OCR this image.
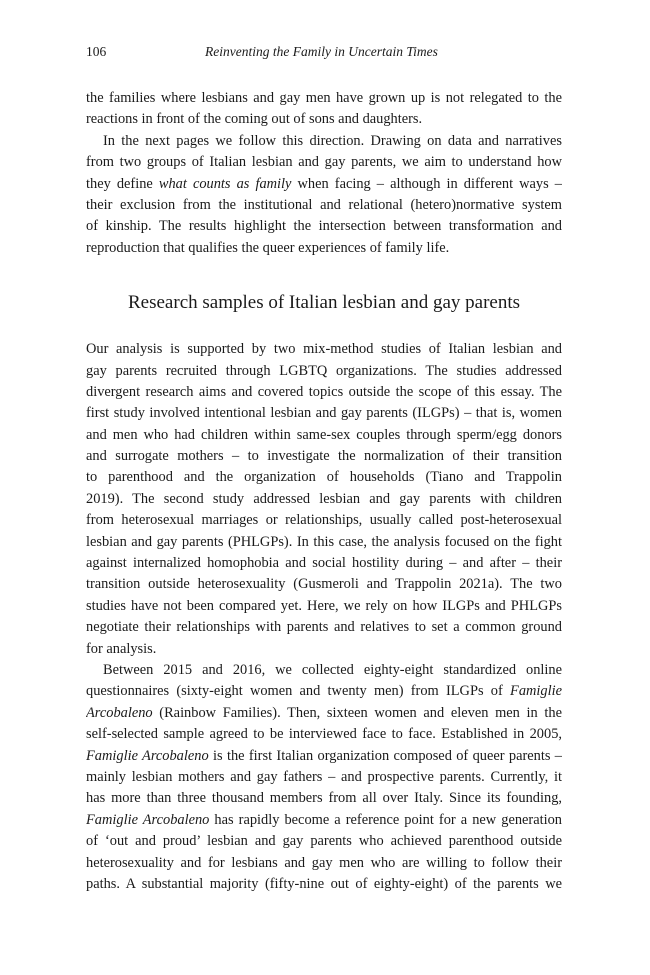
106	Reinventing the Family in Uncertain Times
the families where lesbians and gay men have grown up is not relegated to the
reactions in front of the coming out of sons and daughters.
In the next pages we follow this direction. Drawing on data and narratives
from two groups of Italian lesbian and gay parents, we aim to understand how
they define what counts as family when facing – although in different ways –
their exclusion from the institutional and relational (hetero)normative system
of kinship. The results highlight the intersection between transformation and
reproduction that qualifies the queer experiences of family life.
Research samples of Italian lesbian and gay parents
Our analysis is supported by two mix-method studies of Italian lesbian and
gay parents recruited through LGBTQ organizations. The studies addressed
divergent research aims and covered topics outside the scope of this essay. The
first study involved intentional lesbian and gay parents (ILGPs) – that is, women
and men who had children within same-sex couples through sperm/egg donors
and surrogate mothers – to investigate the normalization of their transition
to parenthood and the organization of households (Tiano and Trappolin
2019). The second study addressed lesbian and gay parents with children
from heterosexual marriages or relationships, usually called post-heterosexual
lesbian and gay parents (PHLGPs). In this case, the analysis focused on the fight
against internalized homophobia and social hostility during – and after – their
transition outside heterosexuality (Gusmeroli and Trappolin 2021a). The two
studies have not been compared yet. Here, we rely on how ILGPs and PHLGPs
negotiate their relationships with parents and relatives to set a common ground
for analysis.
Between 2015 and 2016, we collected eighty-eight standardized online
questionnaires (sixty-eight women and twenty men) from ILGPs of Famiglie
Arcobaleno (Rainbow Families). Then, sixteen women and eleven men in the
self-selected sample agreed to be interviewed face to face. Established in 2005,
Famiglie Arcobaleno is the first Italian organization composed of queer parents –
mainly lesbian mothers and gay fathers – and prospective parents. Currently, it
has more than three thousand members from all over Italy. Since its founding,
Famiglie Arcobaleno has rapidly become a reference point for a new generation
of ‘out and proud’ lesbian and gay parents who achieved parenthood outside
heterosexuality and for lesbians and gay men who are willing to follow their
paths. A substantial majority (fifty-nine out of eighty-eight) of the parents we
